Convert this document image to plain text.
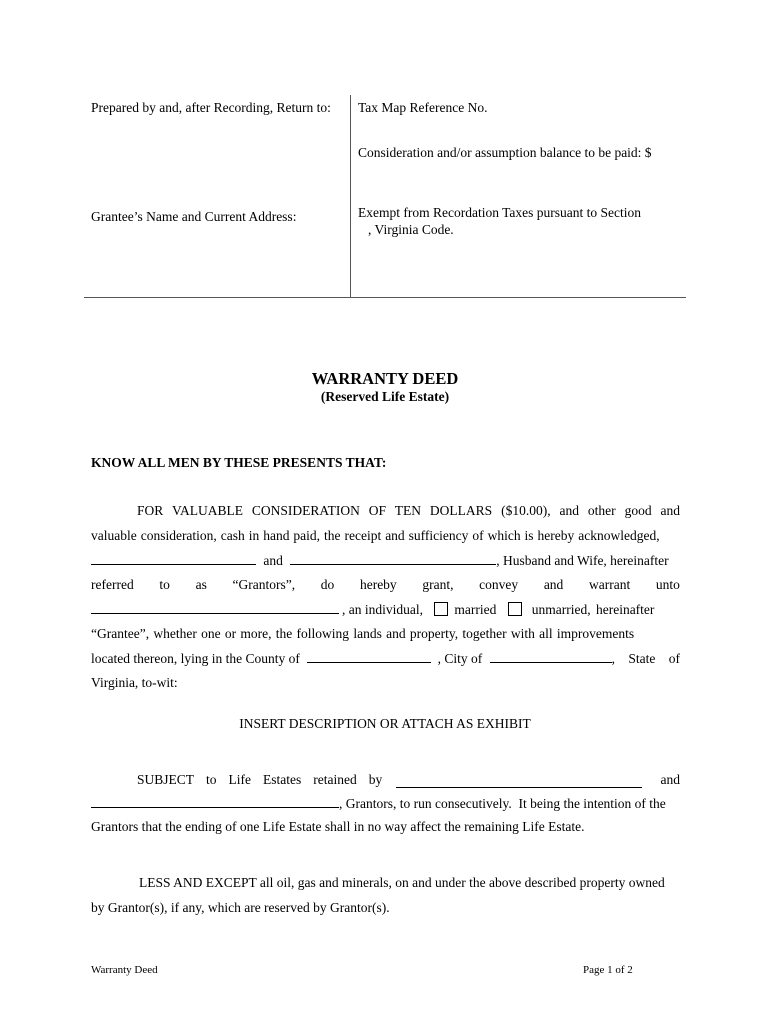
Prepared by and, after Recording, Return to: Tax Map Reference No.
Consideration and/or assumption balance to be paid: $
Grantee’s Name and Current Address:	Exempt from Recordation Taxes pursuant to Section
, Virginia Code.
WARRANTY DEED
(Reserved Life Estate)
KNOW ALL MEN BY THESE PRESENTS THAT:
FOR VALUABLE CONSIDERATION OF TEN DOLLARS ($10.00), and other good and
valuable consideration, cash in hand paid, the receipt and sufficiency of which is hereby acknowledged,
and	, Husband and Wife, hereinafter
referred to as “Grantors”, do hereby grant, convey and warrant unto
, an individual, married	unmarried, hereinafter
“Grantee”, whether one or more, the following lands and property, together with all improvements
located thereon, lying in the County of	, City of	, State of
Virginia, to-wit:
INSERT DESCRIPTION OR ATTACH AS EXHIBIT
SUBJECT to Life Estates retained by	and
, Grantors, to run consecutively.  It being the intention of the
Grantors that the ending of one Life Estate shall in no way affect the remaining Life Estate.
LESS AND EXCEPT all oil, gas and minerals, on and under the above described property owned
by Grantor(s), if any, which are reserved by Grantor(s).
Warranty Deed	Page 1 of 2
